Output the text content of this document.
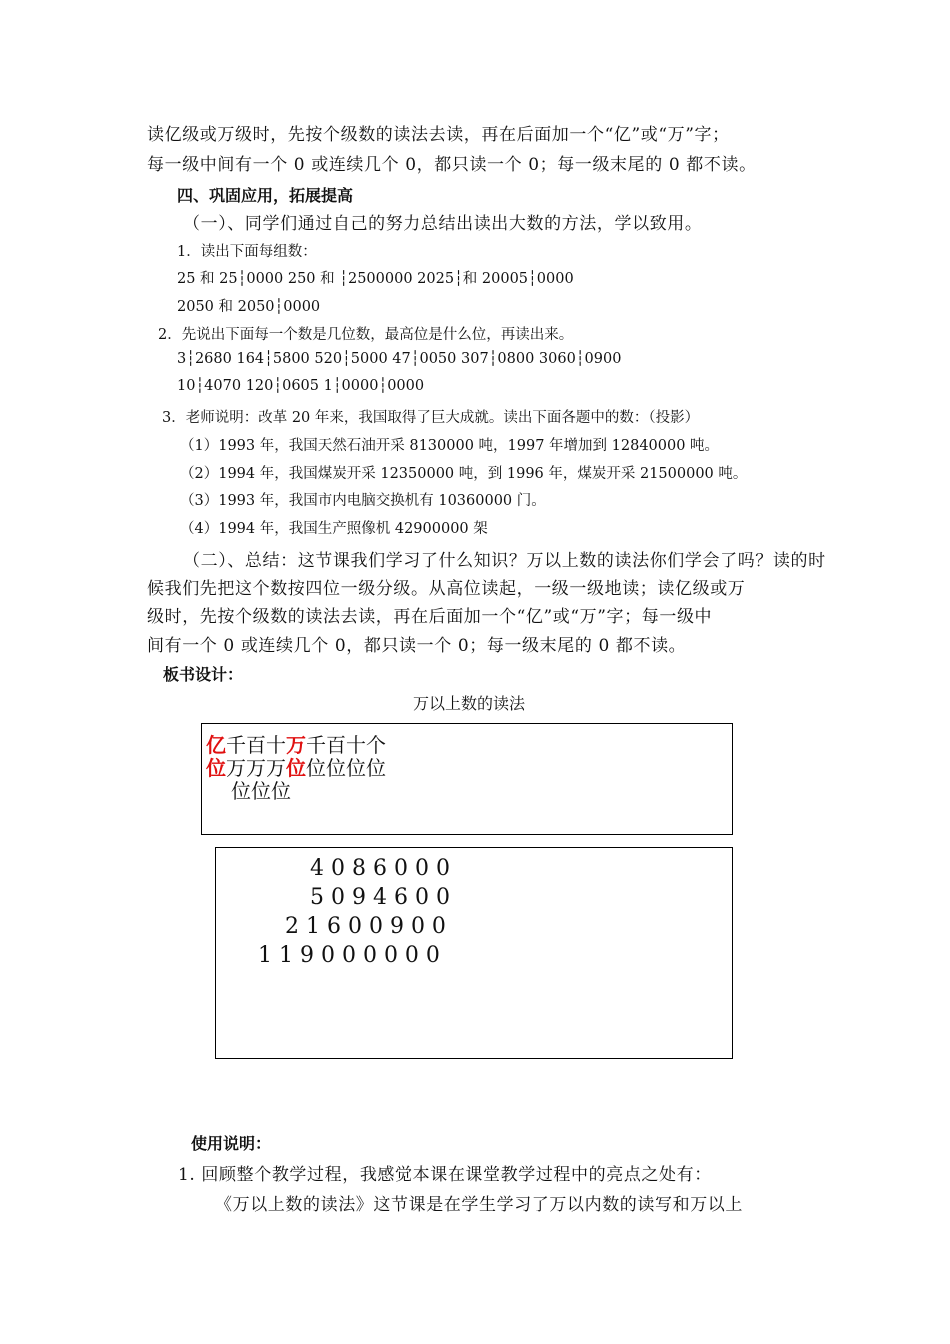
读亿级或万级时，先按个级数的读法去读，再在后面加一个“亿”或“万”字；
每一级中间有一个 0 或连续几个 0，都只读一个 0；每一级末尾的 0 都不读。
四、巩固应用，拓展提高
（一）、同学们通过自己的努力总结出读出大数的方法，学以致用。
1．读出下面每组数：
25 和 25┆0000 250 和 ┆2500000 2025┆和 20005┆0000
2050 和 2050┆0000
2．先说出下面每一个数是几位数，最高位是什么位，再读出来。
3┆2680 164┆5800 520┆5000 47┆0050 307┆0800 3060┆0900
10┆4070 120┆0605 1┆0000┆0000
3．老师说明：改革 20 年来，我国取得了巨大成就。读出下面各题中的数：（投影）
（1）1993 年，我国天然石油开采 8130000 吨，1997 年增加到 12840000 吨。
（2）1994 年，我国煤炭开采 12350000 吨，到 1996 年，煤炭开采 21500000 吨。
（3）1993 年，我国市内电脑交换机有 10360000 门。
（4）1994 年，我国生产照像机 42900000 架
（二）、总结：这节课我们学习了什么知识？万以上数的读法你们学会了吗？读的时
候我们先把这个数按四位一级分级。从高位读起，一级一级地读；读亿级或万
级时，先按个级数的读法去读，再在后面加一个“亿”或“万”字；每一级中
间有一个 0 或连续几个 0，都只读一个 0；每一级末尾的 0 都不读。
板书设计：
万以上数的读法
亿千百十万千百十个
位万万万位位位位位
位位位
4 0 8 6 0 0 0
5 0 9 4 6 0 0
2 1 6 0 0 9 0 0
1 1 9 0 0 0 0 0 0
使用说明：
1. 回顾整个教学过程，我感觉本课在课堂教学过程中的亮点之处有：
《万以上数的读法》这节课是在学生学习了万以内数的读写和万以上
